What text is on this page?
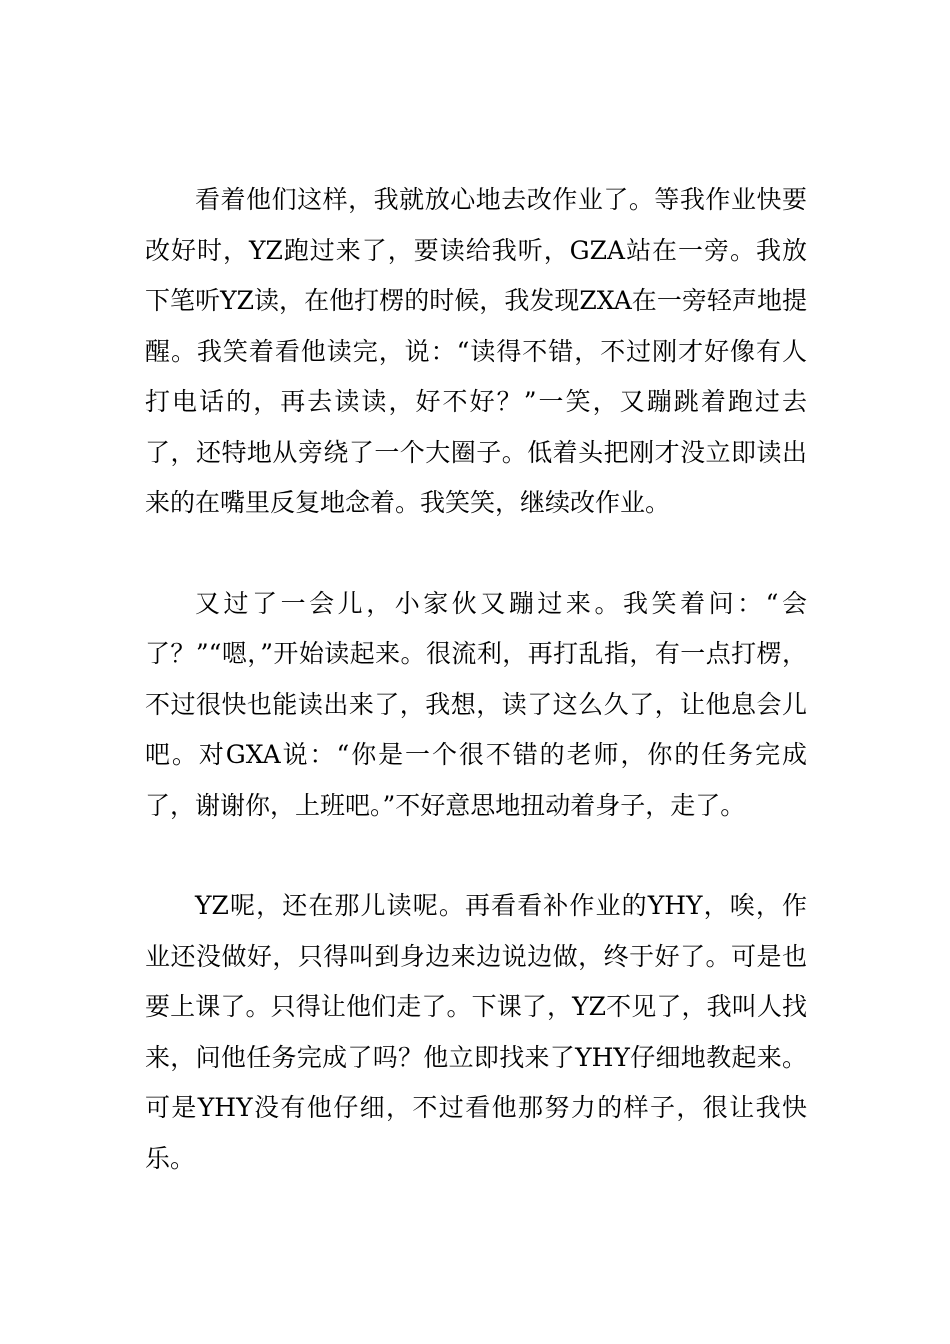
看着他们这样，我就放心地去改作业了。等我作业快要改好时，YZ跑过来了，要读给我听，GZA站在一旁。我放下笔听YZ读，在他打楞的时候，我发现ZXA在一旁轻声地提醒。我笑着看他读完，说：“读得不错，不过刚才好像有人打电话的，再去读读，好不好？”一笑，又蹦跳着跑过去了，还特地从旁绕了一个大圈子。低着头把刚才没立即读出来的在嘴里反复地念着。我笑笑，继续改作业。

又过了一会儿，小家伙又蹦过来。我笑着问：“会了？”“嗯，”开始读起来。很流利，再打乱指，有一点打楞，不过很快也能读出来了，我想，读了这么久了，让他息会儿吧。对GXA说：“你是一个很不错的老师，你的任务完成了，谢谢你，上班吧。”不好意思地扭动着身子，走了。

YZ呢，还在那儿读呢。再看看补作业的YHY，唉，作业还没做好，只得叫到身边来边说边做，终于好了。可是也要上课了。只得让他们走了。下课了，YZ不见了，我叫人找来，问他任务完成了吗？他立即找来了YHY仔细地教起来。可是YHY没有他仔细，不过看他那努力的样子，很让我快乐。
